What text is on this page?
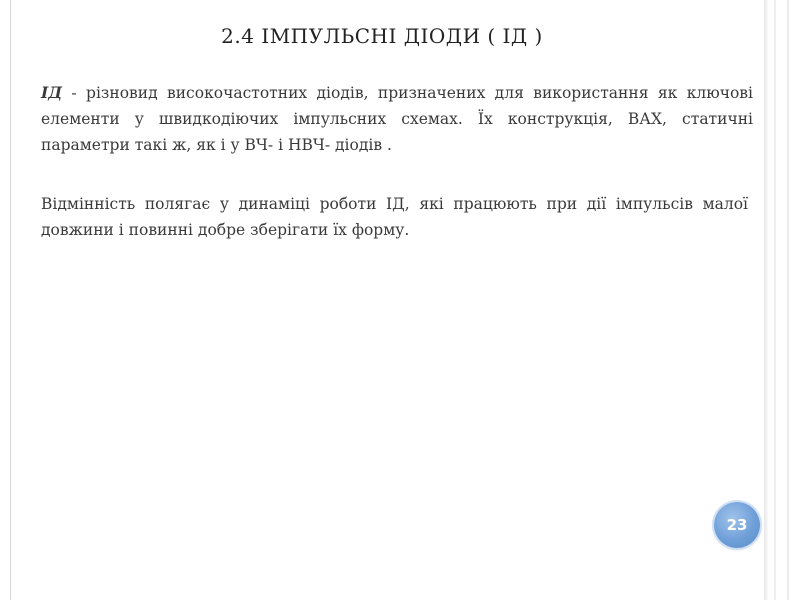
2.4 ІМПУЛЬСНІ ДІОДИ ( ІД )
ІД - різновид високочастотних діодів, призначених для використання як ключові елементи у швидкодіючих імпульсних схемах. Їх конструкція, ВАХ, статичні параметри такі ж, як і у ВЧ- і НВЧ- діодів .
Відмінність полягає у динаміці роботи ІД, які працюють при дії імпульсів малої довжини і повинні добре зберігати їх форму.
23
